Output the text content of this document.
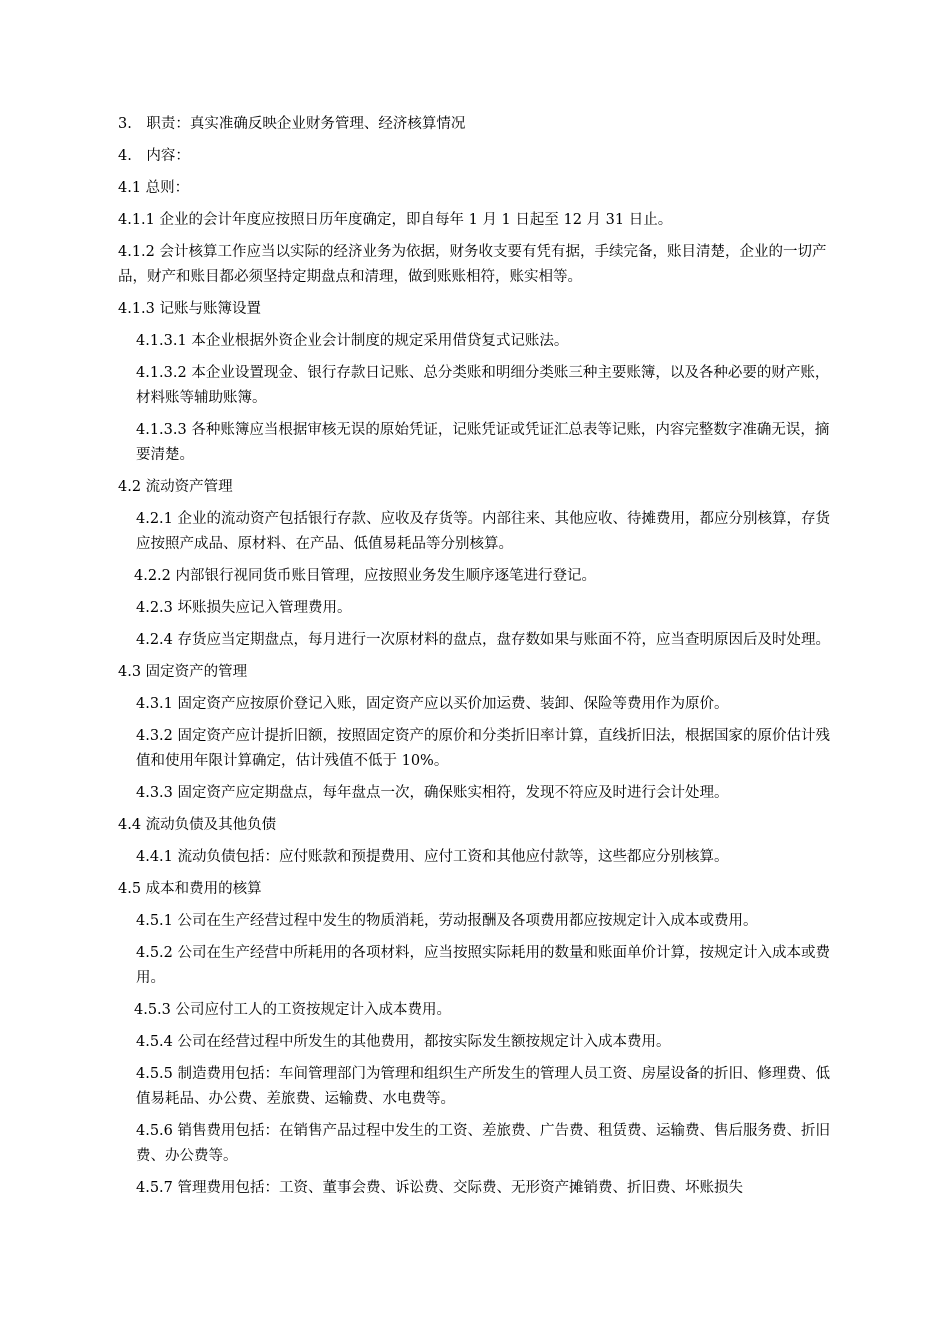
3.　职责：真实准确反映企业财务管理、经济核算情况

4.　内容：

4.1 总则：

4.1.1 企业的会计年度应按照日历年度确定，即自每年 1 月 1 日起至 12 月 31 日止。

4.1.2 会计核算工作应当以实际的经济业务为依据，财务收支要有凭有据，手续完备，账目清楚，企业的一切产品，财产和账目都必须坚持定期盘点和清理，做到账账相符，账实相等。

4.1.3 记账与账簿设置

4.1.3.1 本企业根据外资企业会计制度的规定采用借贷复式记账法。

4.1.3.2 本企业设置现金、银行存款日记账、总分类账和明细分类账三种主要账簿，以及各种必要的财产账，材料账等辅助账簿。

4.1.3.3 各种账簿应当根据审核无误的原始凭证，记账凭证或凭证汇总表等记账，内容完整数字准确无误，摘要清楚。

4.2 流动资产管理

4.2.1 企业的流动资产包括银行存款、应收及存货等。内部往来、其他应收、待摊费用，都应分别核算，存货应按照产成品、原材料、在产品、低值易耗品等分别核算。

4.2.2 内部银行视同货币账目管理，应按照业务发生顺序逐笔进行登记。

4.2.3 坏账损失应记入管理费用。

4.2.4 存货应当定期盘点，每月进行一次原材料的盘点，盘存数如果与账面不符，应当查明原因后及时处理。

4.3 固定资产的管理

4.3.1 固定资产应按原价登记入账，固定资产应以买价加运费、装卸、保险等费用作为原价。

4.3.2 固定资产应计提折旧额，按照固定资产的原价和分类折旧率计算，直线折旧法，根据国家的原价估计残值和使用年限计算确定，估计残值不低于 10%。

4.3.3 固定资产应定期盘点，每年盘点一次，确保账实相符，发现不符应及时进行会计处理。

4.4 流动负债及其他负债

4.4.1 流动负债包括：应付账款和预提费用、应付工资和其他应付款等，这些都应分别核算。

4.5 成本和费用的核算

4.5.1 公司在生产经营过程中发生的物质消耗，劳动报酬及各项费用都应按规定计入成本或费用。

4.5.2 公司在生产经营中所耗用的各项材料，应当按照实际耗用的数量和账面单价计算，按规定计入成本或费用。

4.5.3 公司应付工人的工资按规定计入成本费用。

4.5.4 公司在经营过程中所发生的其他费用，都按实际发生额按规定计入成本费用。

4.5.5 制造费用包括：车间管理部门为管理和组织生产所发生的管理人员工资、房屋设备的折旧、修理费、低值易耗品、办公费、差旅费、运输费、水电费等。

4.5.6 销售费用包括：在销售产品过程中发生的工资、差旅费、广告费、租赁费、运输费、售后服务费、折旧费、办公费等。

4.5.7 管理费用包括：工资、董事会费、诉讼费、交际费、无形资产摊销费、折旧费、坏账损失
